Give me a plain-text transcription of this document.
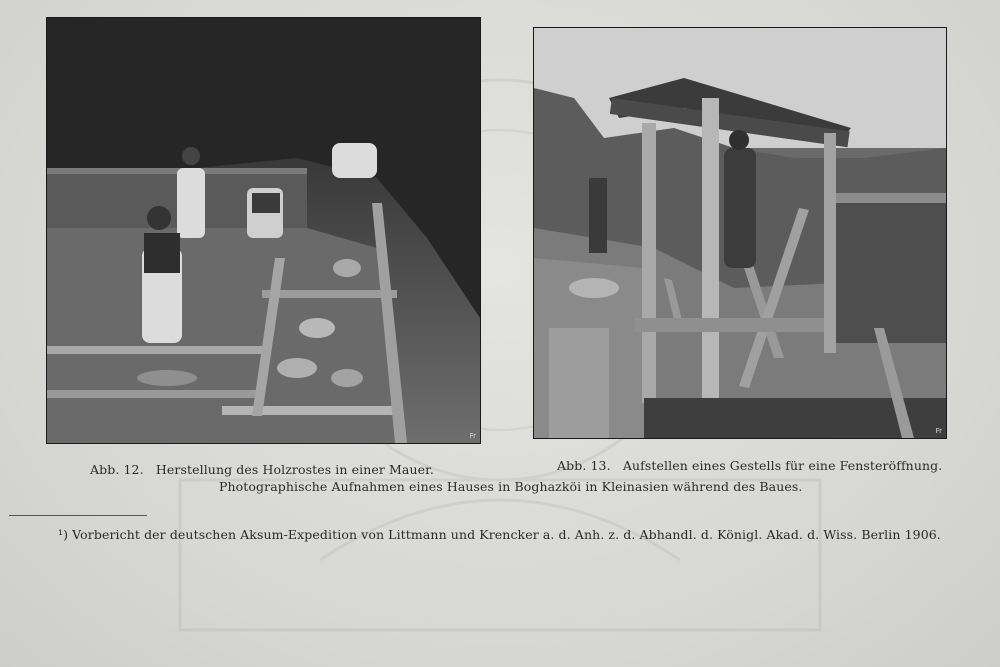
Fr
Fr
Abb. 12. Herstellung des Holzrostes in einer Mauer.	Abb. 13. Aufstellen eines Gestells für eine Fensteröffnung.
Photographische Aufnahmen eines Hauses in Boghazköi in Kleinasien während des Baues.
¹) Vorbericht der deutschen Aksum-Expedition von Littmann und Krencker a. d. Anh. z. d. Abhandl. d. Königl. Akad. d. Wiss. Berlin 1906.
